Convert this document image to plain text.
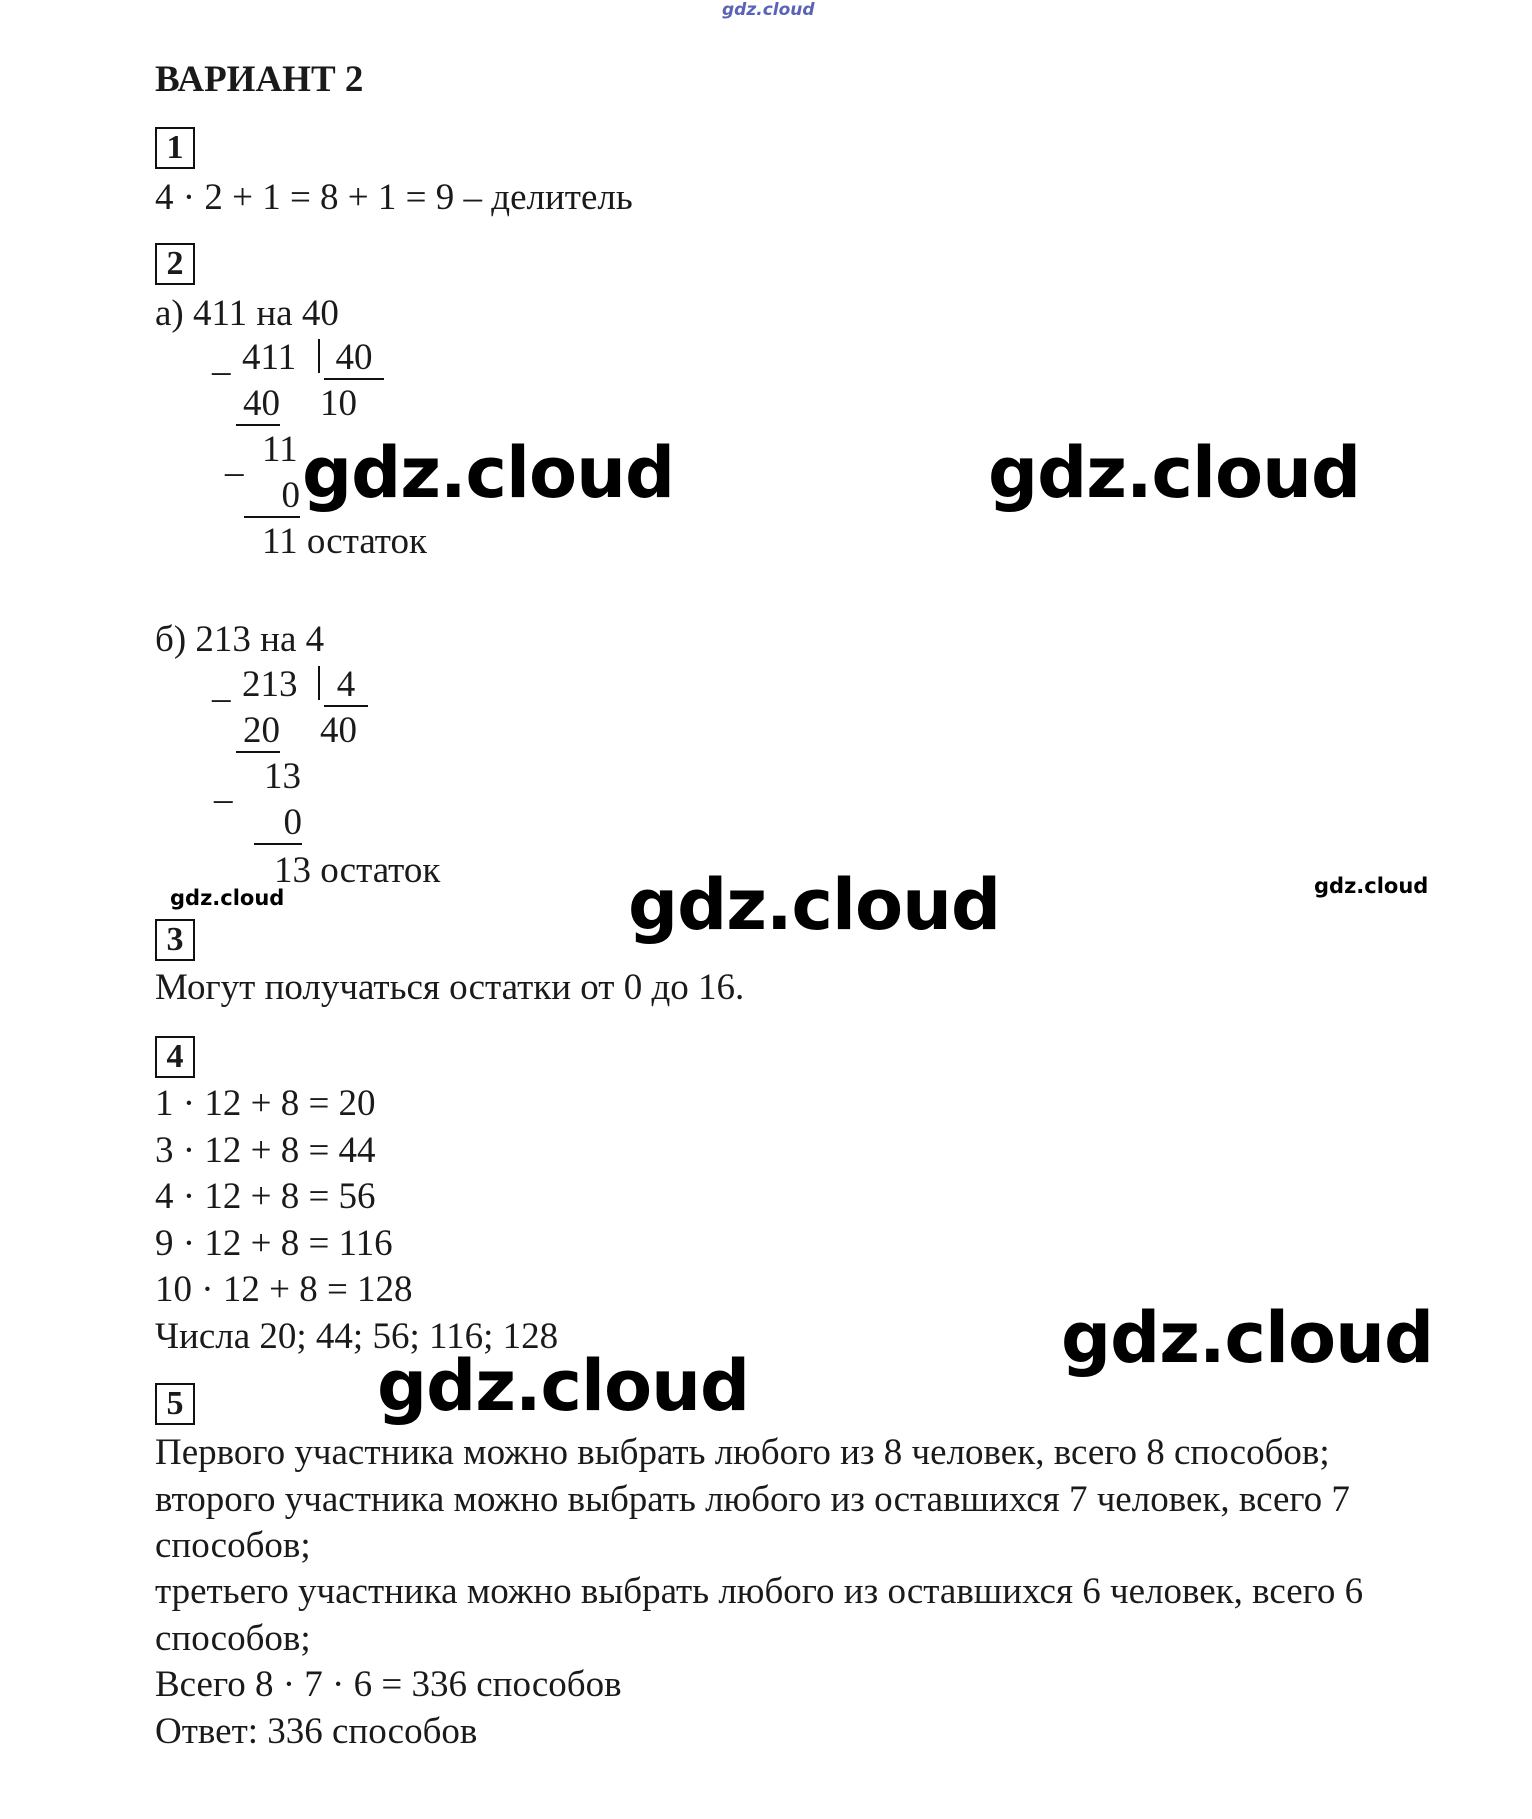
gdz.cloud
ВАРИАНТ 2
1
4 · 2 + 1 = 8 + 1 = 9 – делитель
2
а) 411 на 40
_ 411	40
40 10
_ 11
0
11 остаток
б) 213 на 4
_ 213	4
20 40
_ 13
0
13 остаток
3
Могут получаться остатки от 0 до 16.
4
1 · 12 + 8 = 20
3 · 12 + 8 = 44
4 · 12 + 8 = 56
9 · 12 + 8 = 116
10 · 12 + 8 = 128
Числа 20; 44; 56; 116; 128
5
Первого участника можно выбрать любого из 8 человек, всего 8 способов;
второго участника можно выбрать любого из оставшихся 7 человек, всего 7
способов;
третьего участника можно выбрать любого из оставшихся 6 человек, всего 6
способов;
Всего 8 · 7 · 6 = 336 способов
Ответ: 336 способов
gdz.cloud	gdz.cloud
gdz.cloud
gdz.cloud
gdz.cloud
gdz.cloud	gdz.cloud
